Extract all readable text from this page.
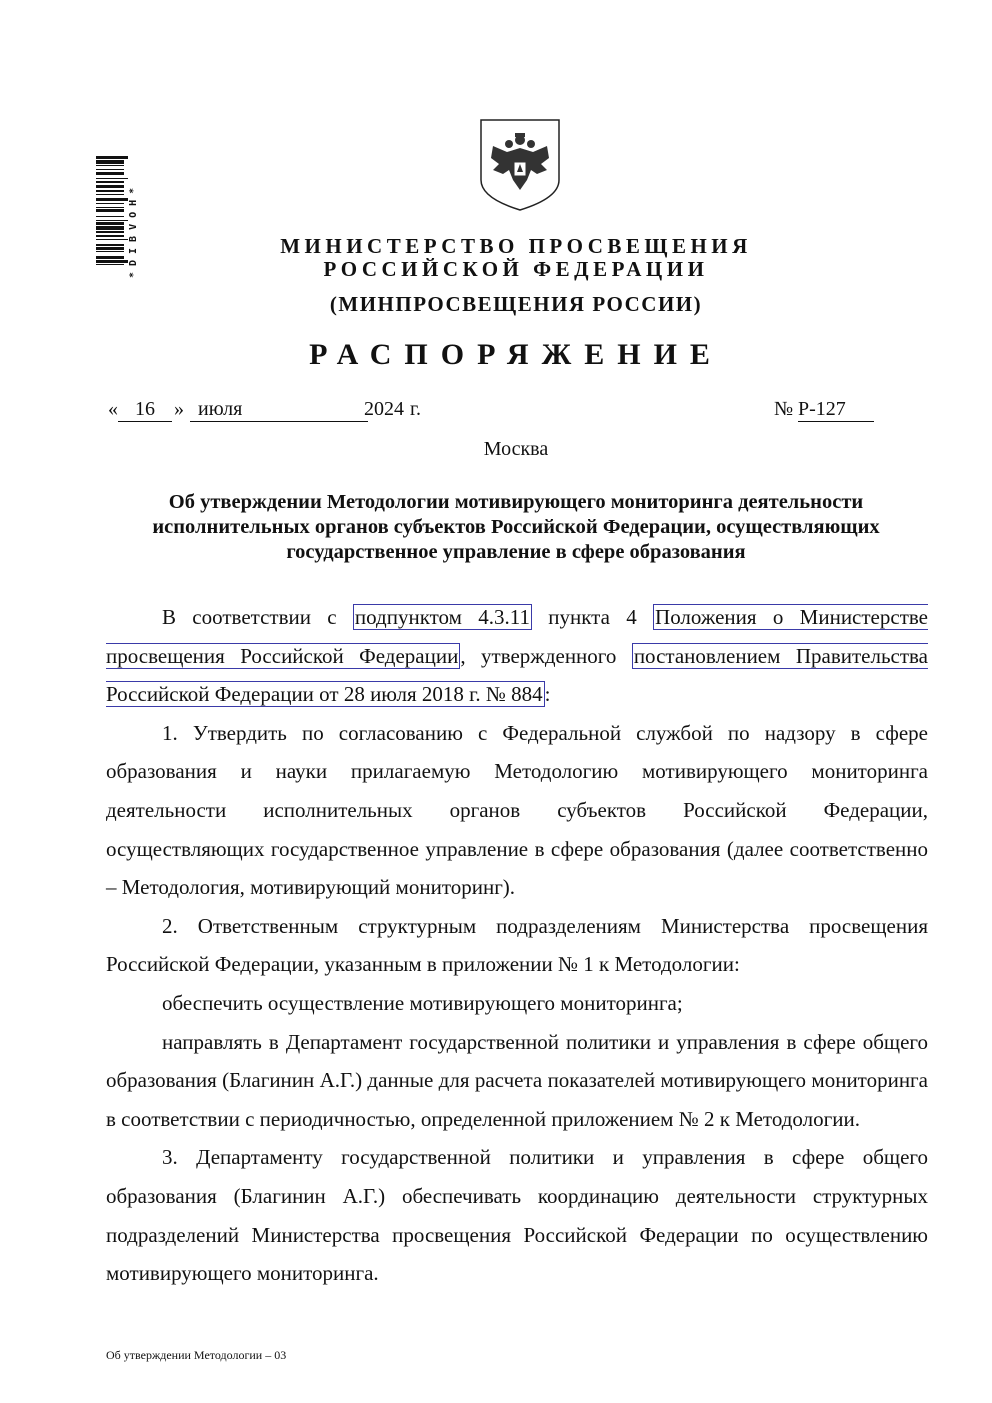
*DIBVOH*	МИНИСТЕРСТВО ПРОСВЕЩЕНИЯ
РОССИЙСКОЙ ФЕДЕРАЦИИ
(МИНПРОСВЕЩЕНИЯ РОССИИ)
РАСПОРЯЖЕНИЕ
« 16 » июля	2024 г.	№ Р-127
Москва
Об утверждении Методологии мотивирующего мониторинга деятельности исполнительных органов субъектов Российской Федерации, осуществляющих государственное управление в сфере образования

В соответствии с подпунктом 4.3.11 пункта 4 Положения о Министерстве просвещения Российской Федерации, утвержденного постановлением Правительства Российской Федерации от 28 июля 2018 г. № 884:

1. Утвердить по согласованию с Федеральной службой по надзору в сфере образования и науки прилагаемую Методологию мотивирующего мониторинга деятельности исполнительных органов субъектов Российской Федерации, осуществляющих государственное управление в сфере образования (далее соответственно – Методология, мотивирующий мониторинг).

2. Ответственным структурным подразделениям Министерства просвещения Российской Федерации, указанным в приложении № 1 к Методологии:

обеспечить осуществление мотивирующего мониторинга;

направлять в Департамент государственной политики и управления в сфере общего образования (Благинин А.Г.) данные для расчета показателей мотивирующего мониторинга в соответствии с периодичностью, определенной приложением № 2 к Методологии.

3. Департаменту государственной политики и управления в сфере общего образования (Благинин А.Г.) обеспечивать координацию деятельности структурных подразделений Министерства просвещения Российской Федерации по осуществлению мотивирующего мониторинга.

Об утверждении Методологии – 03
